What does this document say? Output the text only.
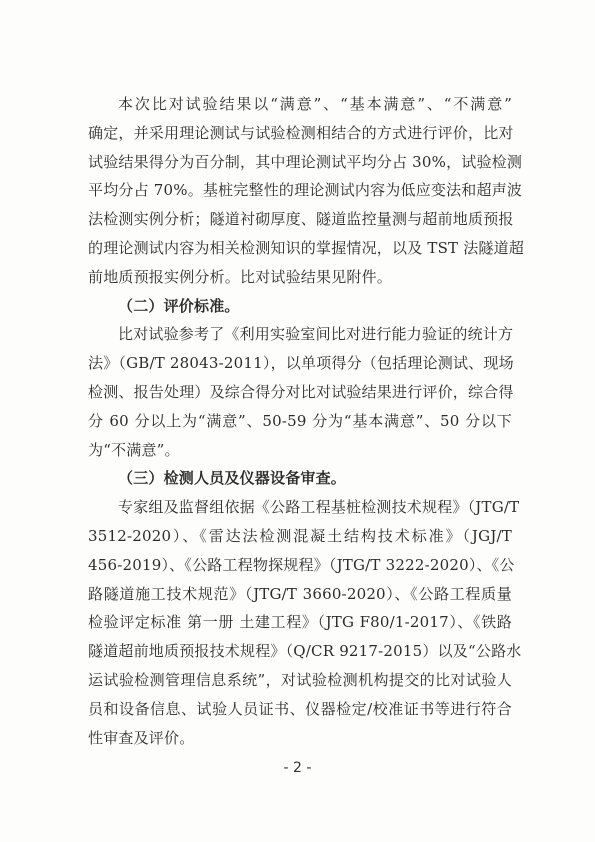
本次比对试验结果以“满意”、“基本满意”、“不满意”
确定，并采用理论测试与试验检测相结合的方式进行评价，比对
试验结果得分为百分制，其中理论测试平均分占 30%，试验检测
平均分占 70%。基桩完整性的理论测试内容为低应变法和超声波
法检测实例分析；隧道衬砌厚度、隧道监控量测与超前地质预报
的理论测试内容为相关检测知识的掌握情况，以及 TST 法隧道超
前地质预报实例分析。比对试验结果见附件。
（二）评价标准。
比对试验参考了《利用实验室间比对进行能力验证的统计方
法》（GB/T 28043-2011），以单项得分（包括理论测试、现场
检测、报告处理）及综合得分对比对试验结果进行评价，综合得
分 60 分以上为“满意”、50-59 分为“基本满意”、50 分以下
为“不满意”。
（三）检测人员及仪器设备审查。
专家组及监督组依据《公路工程基桩检测技术规程》（JTG/T
3512-2020）、《雷达法检测混凝土结构技术标准》（JGJ/T
456-2019）、《公路工程物探规程》（JTG/T 3222-2020）、《公
路隧道施工技术规范》（JTG/T 3660-2020）、《公路工程质量
检验评定标准 第一册 土建工程》（JTG F80/1-2017）、《铁路
隧道超前地质预报技术规程》（Q/CR 9217-2015）以及“公路水
运试验检测管理信息系统”，对试验检测机构提交的比对试验人
员和设备信息、试验人员证书、仪器检定/校准证书等进行符合
性审查及评价。
- 2 -
